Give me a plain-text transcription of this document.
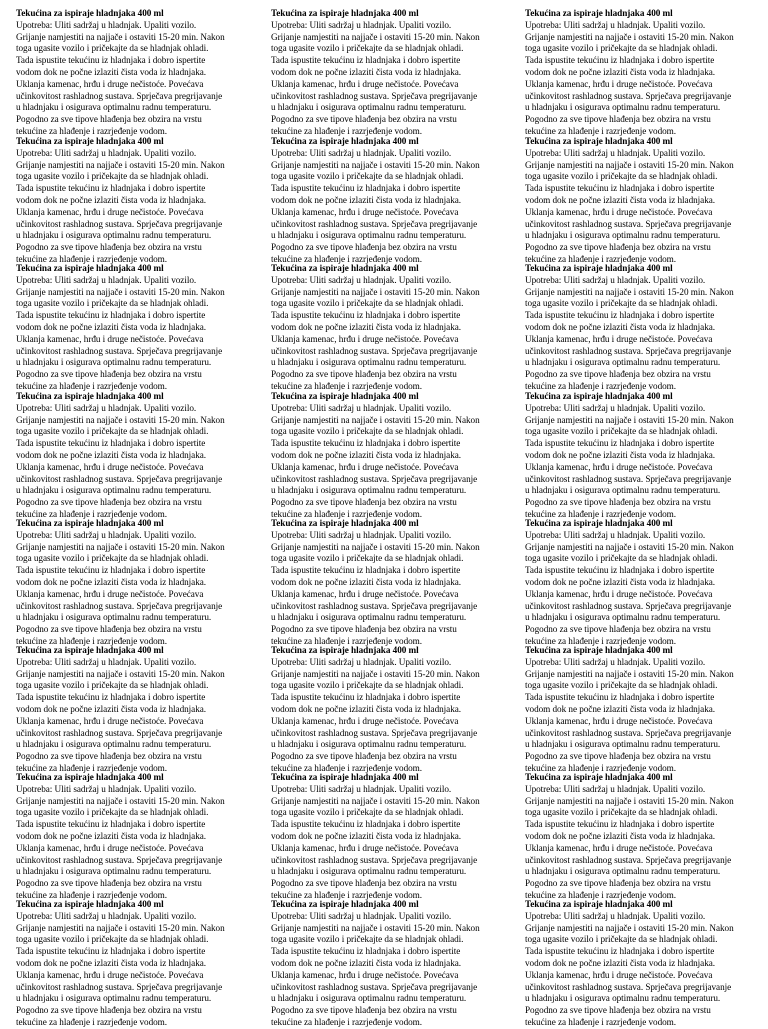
Tekućina za ispiraje hladnjaka 400 ml
Upotreba: Uliti sadržaj u hladnjak. Upaliti vozilo.
Grijanje namjestiti na najjače i ostaviti 15-20 min. Nakon
toga ugasite vozilo i pričekajte da se hladnjak ohladi.
Tada ispustite tekućinu iz hladnjaka i dobro ispertite
vodom dok ne počne izlaziti čista voda iz hladnjaka.
Uklanja kamenac, hrđu i druge nečistoće. Povećava
učinkovitost rashladnog sustava. Sprječava pregrijavanje
u hladnjaku i osigurava optimalnu radnu temperaturu.
Pogodno za sve tipove hlađenja bez obzira na vrstu
tekućine za hlađenje i razrjeđenje vodom.
Tekućina za ispiraje hladnjaka 400 ml
Upotreba: Uliti sadržaj u hladnjak. Upaliti vozilo.
Grijanje namjestiti na najjače i ostaviti 15-20 min. Nakon
toga ugasite vozilo i pričekajte da se hladnjak ohladi.
Tada ispustite tekućinu iz hladnjaka i dobro ispertite
vodom dok ne počne izlaziti čista voda iz hladnjaka.
Uklanja kamenac, hrđu i druge nečistoće. Povećava
učinkovitost rashladnog sustava. Sprječava pregrijavanje
u hladnjaku i osigurava optimalnu radnu temperaturu.
Pogodno za sve tipove hlađenja bez obzira na vrstu
tekućine za hlađenje i razrjeđenje vodom.
Tekućina za ispiraje hladnjaka 400 ml
Upotreba: Uliti sadržaj u hladnjak. Upaliti vozilo.
Grijanje namjestiti na najjače i ostaviti 15-20 min. Nakon
toga ugasite vozilo i pričekajte da se hladnjak ohladi.
Tada ispustite tekućinu iz hladnjaka i dobro ispertite
vodom dok ne počne izlaziti čista voda iz hladnjaka.
Uklanja kamenac, hrđu i druge nečistoće. Povećava
učinkovitost rashladnog sustava. Sprječava pregrijavanje
u hladnjaku i osigurava optimalnu radnu temperaturu.
Pogodno za sve tipove hlađenja bez obzira na vrstu
tekućine za hlađenje i razrjeđenje vodom.
Tekućina za ispiraje hladnjaka 400 ml
Upotreba: Uliti sadržaj u hladnjak. Upaliti vozilo.
Grijanje namjestiti na najjače i ostaviti 15-20 min. Nakon
toga ugasite vozilo i pričekajte da se hladnjak ohladi.
Tada ispustite tekućinu iz hladnjaka i dobro ispertite
vodom dok ne počne izlaziti čista voda iz hladnjaka.
Uklanja kamenac, hrđu i druge nečistoće. Povećava
učinkovitost rashladnog sustava. Sprječava pregrijavanje
u hladnjaku i osigurava optimalnu radnu temperaturu.
Pogodno za sve tipove hlađenja bez obzira na vrstu
tekućine za hlađenje i razrjeđenje vodom.
Tekućina za ispiraje hladnjaka 400 ml
Upotreba: Uliti sadržaj u hladnjak. Upaliti vozilo.
Grijanje namjestiti na najjače i ostaviti 15-20 min. Nakon
toga ugasite vozilo i pričekajte da se hladnjak ohladi.
Tada ispustite tekućinu iz hladnjaka i dobro ispertite
vodom dok ne počne izlaziti čista voda iz hladnjaka.
Uklanja kamenac, hrđu i druge nečistoće. Povećava
učinkovitost rashladnog sustava. Sprječava pregrijavanje
u hladnjaku i osigurava optimalnu radnu temperaturu.
Pogodno za sve tipove hlađenja bez obzira na vrstu
tekućine za hlađenje i razrjeđenje vodom.
Tekućina za ispiraje hladnjaka 400 ml
Upotreba: Uliti sadržaj u hladnjak. Upaliti vozilo.
Grijanje namjestiti na najjače i ostaviti 15-20 min. Nakon
toga ugasite vozilo i pričekajte da se hladnjak ohladi.
Tada ispustite tekućinu iz hladnjaka i dobro ispertite
vodom dok ne počne izlaziti čista voda iz hladnjaka.
Uklanja kamenac, hrđu i druge nečistoće. Povećava
učinkovitost rashladnog sustava. Sprječava pregrijavanje
u hladnjaku i osigurava optimalnu radnu temperaturu.
Pogodno za sve tipove hlađenja bez obzira na vrstu
tekućine za hlađenje i razrjeđenje vodom.
Tekućina za ispiraje hladnjaka 400 ml
Upotreba: Uliti sadržaj u hladnjak. Upaliti vozilo.
Grijanje namjestiti na najjače i ostaviti 15-20 min. Nakon
toga ugasite vozilo i pričekajte da se hladnjak ohladi.
Tada ispustite tekućinu iz hladnjaka i dobro ispertite
vodom dok ne počne izlaziti čista voda iz hladnjaka.
Uklanja kamenac, hrđu i druge nečistoće. Povećava
učinkovitost rashladnog sustava. Sprječava pregrijavanje
u hladnjaku i osigurava optimalnu radnu temperaturu.
Pogodno za sve tipove hlađenja bez obzira na vrstu
tekućine za hlađenje i razrjeđenje vodom.
Tekućina za ispiraje hladnjaka 400 ml
Upotreba: Uliti sadržaj u hladnjak. Upaliti vozilo.
Grijanje namjestiti na najjače i ostaviti 15-20 min. Nakon
toga ugasite vozilo i pričekajte da se hladnjak ohladi.
Tada ispustite tekućinu iz hladnjaka i dobro ispertite
vodom dok ne počne izlaziti čista voda iz hladnjaka.
Uklanja kamenac, hrđu i druge nečistoće. Povećava
učinkovitost rashladnog sustava. Sprječava pregrijavanje
u hladnjaku i osigurava optimalnu radnu temperaturu.
Pogodno za sve tipove hlađenja bez obzira na vrstu
tekućine za hlađenje i razrjeđenje vodom.
Tekućina za ispiraje hladnjaka 400 ml
Upotreba: Uliti sadržaj u hladnjak. Upaliti vozilo.
Grijanje namjestiti na najjače i ostaviti 15-20 min. Nakon
toga ugasite vozilo i pričekajte da se hladnjak ohladi.
Tada ispustite tekućinu iz hladnjaka i dobro ispertite
vodom dok ne počne izlaziti čista voda iz hladnjaka.
Uklanja kamenac, hrđu i druge nečistoće. Povećava
učinkovitost rashladnog sustava. Sprječava pregrijavanje
u hladnjaku i osigurava optimalnu radnu temperaturu.
Pogodno za sve tipove hlađenja bez obzira na vrstu
tekućine za hlađenje i razrjeđenje vodom.
Tekućina za ispiraje hladnjaka 400 ml
Upotreba: Uliti sadržaj u hladnjak. Upaliti vozilo.
Grijanje namjestiti na najjače i ostaviti 15-20 min. Nakon
toga ugasite vozilo i pričekajte da se hladnjak ohladi.
Tada ispustite tekućinu iz hladnjaka i dobro ispertite
vodom dok ne počne izlaziti čista voda iz hladnjaka.
Uklanja kamenac, hrđu i druge nečistoće. Povećava
učinkovitost rashladnog sustava. Sprječava pregrijavanje
u hladnjaku i osigurava optimalnu radnu temperaturu.
Pogodno za sve tipove hlađenja bez obzira na vrstu
tekućine za hlađenje i razrjeđenje vodom.
Tekućina za ispiraje hladnjaka 400 ml
Upotreba: Uliti sadržaj u hladnjak. Upaliti vozilo.
Grijanje namjestiti na najjače i ostaviti 15-20 min. Nakon
toga ugasite vozilo i pričekajte da se hladnjak ohladi.
Tada ispustite tekućinu iz hladnjaka i dobro ispertite
vodom dok ne počne izlaziti čista voda iz hladnjaka.
Uklanja kamenac, hrđu i druge nečistoće. Povećava
učinkovitost rashladnog sustava. Sprječava pregrijavanje
u hladnjaku i osigurava optimalnu radnu temperaturu.
Pogodno za sve tipove hlađenja bez obzira na vrstu
tekućine za hlađenje i razrjeđenje vodom.
Tekućina za ispiraje hladnjaka 400 ml
Upotreba: Uliti sadržaj u hladnjak. Upaliti vozilo.
Grijanje namjestiti na najjače i ostaviti 15-20 min. Nakon
toga ugasite vozilo i pričekajte da se hladnjak ohladi.
Tada ispustite tekućinu iz hladnjaka i dobro ispertite
vodom dok ne počne izlaziti čista voda iz hladnjaka.
Uklanja kamenac, hrđu i druge nečistoće. Povećava
učinkovitost rashladnog sustava. Sprječava pregrijavanje
u hladnjaku i osigurava optimalnu radnu temperaturu.
Pogodno za sve tipove hlađenja bez obzira na vrstu
tekućine za hlađenje i razrjeđenje vodom.
Tekućina za ispiraje hladnjaka 400 ml
Upotreba: Uliti sadržaj u hladnjak. Upaliti vozilo.
Grijanje namjestiti na najjače i ostaviti 15-20 min. Nakon
toga ugasite vozilo i pričekajte da se hladnjak ohladi.
Tada ispustite tekućinu iz hladnjaka i dobro ispertite
vodom dok ne počne izlaziti čista voda iz hladnjaka.
Uklanja kamenac, hrđu i druge nečistoće. Povećava
učinkovitost rashladnog sustava. Sprječava pregrijavanje
u hladnjaku i osigurava optimalnu radnu temperaturu.
Pogodno za sve tipove hlađenja bez obzira na vrstu
tekućine za hlađenje i razrjeđenje vodom.
Tekućina za ispiraje hladnjaka 400 ml
Upotreba: Uliti sadržaj u hladnjak. Upaliti vozilo.
Grijanje namjestiti na najjače i ostaviti 15-20 min. Nakon
toga ugasite vozilo i pričekajte da se hladnjak ohladi.
Tada ispustite tekućinu iz hladnjaka i dobro ispertite
vodom dok ne počne izlaziti čista voda iz hladnjaka.
Uklanja kamenac, hrđu i druge nečistoće. Povećava
učinkovitost rashladnog sustava. Sprječava pregrijavanje
u hladnjaku i osigurava optimalnu radnu temperaturu.
Pogodno za sve tipove hlađenja bez obzira na vrstu
tekućine za hlađenje i razrjeđenje vodom.
Tekućina za ispiraje hladnjaka 400 ml
Upotreba: Uliti sadržaj u hladnjak. Upaliti vozilo.
Grijanje namjestiti na najjače i ostaviti 15-20 min. Nakon
toga ugasite vozilo i pričekajte da se hladnjak ohladi.
Tada ispustite tekućinu iz hladnjaka i dobro ispertite
vodom dok ne počne izlaziti čista voda iz hladnjaka.
Uklanja kamenac, hrđu i druge nečistoće. Povećava
učinkovitost rashladnog sustava. Sprječava pregrijavanje
u hladnjaku i osigurava optimalnu radnu temperaturu.
Pogodno za sve tipove hlađenja bez obzira na vrstu
tekućine za hlađenje i razrjeđenje vodom.
Tekućina za ispiraje hladnjaka 400 ml
Upotreba: Uliti sadržaj u hladnjak. Upaliti vozilo.
Grijanje namjestiti na najjače i ostaviti 15-20 min. Nakon
toga ugasite vozilo i pričekajte da se hladnjak ohladi.
Tada ispustite tekućinu iz hladnjaka i dobro ispertite
vodom dok ne počne izlaziti čista voda iz hladnjaka.
Uklanja kamenac, hrđu i druge nečistoće. Povećava
učinkovitost rashladnog sustava. Sprječava pregrijavanje
u hladnjaku i osigurava optimalnu radnu temperaturu.
Pogodno za sve tipove hlađenja bez obzira na vrstu
tekućine za hlađenje i razrjeđenje vodom.
Tekućina za ispiraje hladnjaka 400 ml
Upotreba: Uliti sadržaj u hladnjak. Upaliti vozilo.
Grijanje namjestiti na najjače i ostaviti 15-20 min. Nakon
toga ugasite vozilo i pričekajte da se hladnjak ohladi.
Tada ispustite tekućinu iz hladnjaka i dobro ispertite
vodom dok ne počne izlaziti čista voda iz hladnjaka.
Uklanja kamenac, hrđu i druge nečistoće. Povećava
učinkovitost rashladnog sustava. Sprječava pregrijavanje
u hladnjaku i osigurava optimalnu radnu temperaturu.
Pogodno za sve tipove hlađenja bez obzira na vrstu
tekućine za hlađenje i razrjeđenje vodom.
Tekućina za ispiraje hladnjaka 400 ml
Upotreba: Uliti sadržaj u hladnjak. Upaliti vozilo.
Grijanje namjestiti na najjače i ostaviti 15-20 min. Nakon
toga ugasite vozilo i pričekajte da se hladnjak ohladi.
Tada ispustite tekućinu iz hladnjaka i dobro ispertite
vodom dok ne počne izlaziti čista voda iz hladnjaka.
Uklanja kamenac, hrđu i druge nečistoće. Povećava
učinkovitost rashladnog sustava. Sprječava pregrijavanje
u hladnjaku i osigurava optimalnu radnu temperaturu.
Pogodno za sve tipove hlađenja bez obzira na vrstu
tekućine za hlađenje i razrjeđenje vodom.
Tekućina za ispiraje hladnjaka 400 ml
Upotreba: Uliti sadržaj u hladnjak. Upaliti vozilo.
Grijanje namjestiti na najjače i ostaviti 15-20 min. Nakon
toga ugasite vozilo i pričekajte da se hladnjak ohladi.
Tada ispustite tekućinu iz hladnjaka i dobro ispertite
vodom dok ne počne izlaziti čista voda iz hladnjaka.
Uklanja kamenac, hrđu i druge nečistoće. Povećava
učinkovitost rashladnog sustava. Sprječava pregrijavanje
u hladnjaku i osigurava optimalnu radnu temperaturu.
Pogodno za sve tipove hlađenja bez obzira na vrstu
tekućine za hlađenje i razrjeđenje vodom.
Tekućina za ispiraje hladnjaka 400 ml
Upotreba: Uliti sadržaj u hladnjak. Upaliti vozilo.
Grijanje namjestiti na najjače i ostaviti 15-20 min. Nakon
toga ugasite vozilo i pričekajte da se hladnjak ohladi.
Tada ispustite tekućinu iz hladnjaka i dobro ispertite
vodom dok ne počne izlaziti čista voda iz hladnjaka.
Uklanja kamenac, hrđu i druge nečistoće. Povećava
učinkovitost rashladnog sustava. Sprječava pregrijavanje
u hladnjaku i osigurava optimalnu radnu temperaturu.
Pogodno za sve tipove hlađenja bez obzira na vrstu
tekućine za hlađenje i razrjeđenje vodom.
Tekućina za ispiraje hladnjaka 400 ml
Upotreba: Uliti sadržaj u hladnjak. Upaliti vozilo.
Grijanje namjestiti na najjače i ostaviti 15-20 min. Nakon
toga ugasite vozilo i pričekajte da se hladnjak ohladi.
Tada ispustite tekućinu iz hladnjaka i dobro ispertite
vodom dok ne počne izlaziti čista voda iz hladnjaka.
Uklanja kamenac, hrđu i druge nečistoće. Povećava
učinkovitost rashladnog sustava. Sprječava pregrijavanje
u hladnjaku i osigurava optimalnu radnu temperaturu.
Pogodno za sve tipove hlađenja bez obzira na vrstu
tekućine za hlađenje i razrjeđenje vodom.
Tekućina za ispiraje hladnjaka 400 ml
Upotreba: Uliti sadržaj u hladnjak. Upaliti vozilo.
Grijanje namjestiti na najjače i ostaviti 15-20 min. Nakon
toga ugasite vozilo i pričekajte da se hladnjak ohladi.
Tada ispustite tekućinu iz hladnjaka i dobro ispertite
vodom dok ne počne izlaziti čista voda iz hladnjaka.
Uklanja kamenac, hrđu i druge nečistoće. Povećava
učinkovitost rashladnog sustava. Sprječava pregrijavanje
u hladnjaku i osigurava optimalnu radnu temperaturu.
Pogodno za sve tipove hlađenja bez obzira na vrstu
tekućine za hlađenje i razrjeđenje vodom.
Tekućina za ispiraje hladnjaka 400 ml
Upotreba: Uliti sadržaj u hladnjak. Upaliti vozilo.
Grijanje namjestiti na najjače i ostaviti 15-20 min. Nakon
toga ugasite vozilo i pričekajte da se hladnjak ohladi.
Tada ispustite tekućinu iz hladnjaka i dobro ispertite
vodom dok ne počne izlaziti čista voda iz hladnjaka.
Uklanja kamenac, hrđu i druge nečistoće. Povećava
učinkovitost rashladnog sustava. Sprječava pregrijavanje
u hladnjaku i osigurava optimalnu radnu temperaturu.
Pogodno za sve tipove hlađenja bez obzira na vrstu
tekućine za hlađenje i razrjeđenje vodom.
Tekućina za ispiraje hladnjaka 400 ml
Upotreba: Uliti sadržaj u hladnjak. Upaliti vozilo.
Grijanje namjestiti na najjače i ostaviti 15-20 min. Nakon
toga ugasite vozilo i pričekajte da se hladnjak ohladi.
Tada ispustite tekućinu iz hladnjaka i dobro ispertite
vodom dok ne počne izlaziti čista voda iz hladnjaka.
Uklanja kamenac, hrđu i druge nečistoće. Povećava
učinkovitost rashladnog sustava. Sprječava pregrijavanje
u hladnjaku i osigurava optimalnu radnu temperaturu.
Pogodno za sve tipove hlađenja bez obzira na vrstu
tekućine za hlađenje i razrjeđenje vodom.
